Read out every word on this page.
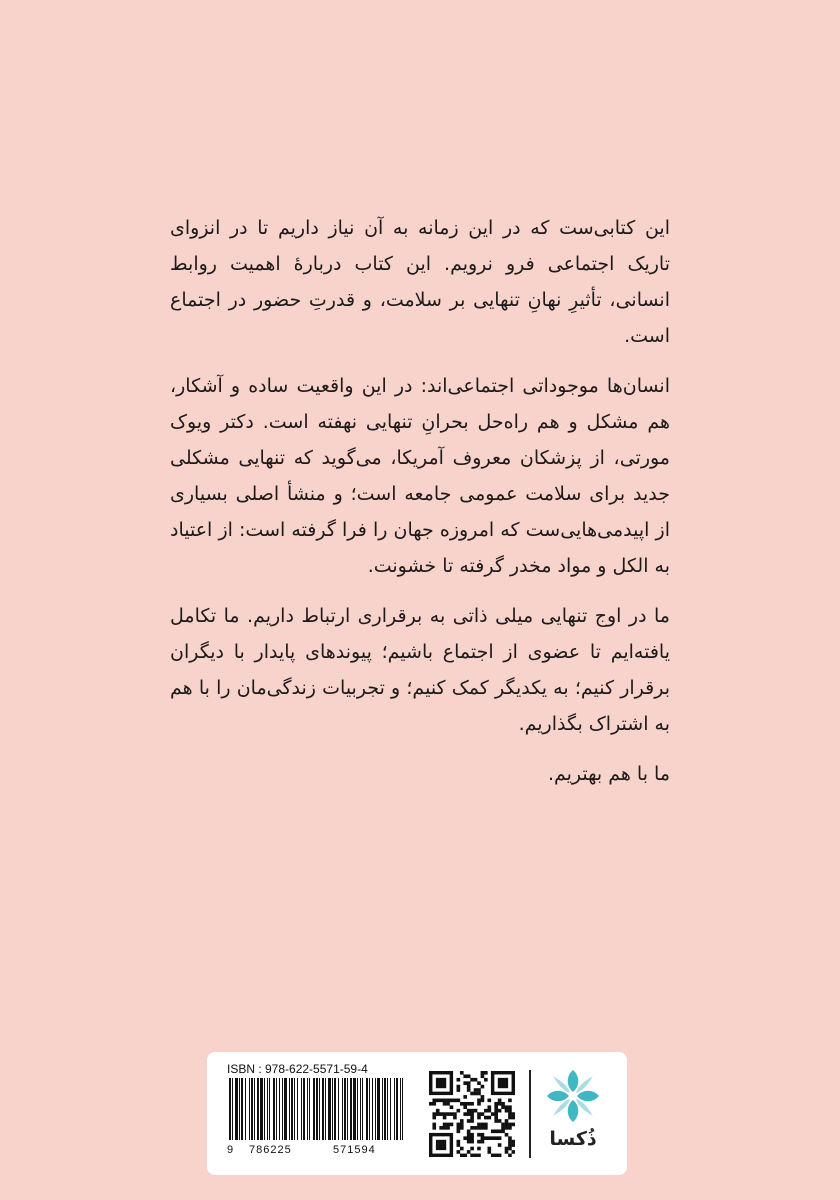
این کتابی‌ست که در این زمانه به آن نیاز داریم تا در انزوای تاریک اجتماعی فرو نرویم. این کتاب دربارهٔ اهمیت روابط انسانی، تأثیرِ نهانِ تنهایی بر سلامت، و قدرتِ حضور در اجتماع است.

انسان‌ها موجوداتی اجتماعی‌اند: در این واقعیت ساده و آشکار، هم مشکل و هم راه‌حل بحرانِ تنهایی نهفته است. دکتر ویوک مورتی، از پزشکان معروف آمریکا، می‌گوید که تنهایی مشکلی جدید برای سلامت عمومی جامعه است؛ و منشأ اصلی بسیاری از اپیدمی‌هایی‌ست که امروزه جهان را فرا گرفته است: از اعتیاد به الکل و مواد مخدر گرفته تا خشونت.

ما در اوج تنهایی میلی ذاتی به برقراری ارتباط داریم. ما تکامل یافته‌ایم تا عضوی از اجتماع باشیم؛ پیوندهای پایدار با دیگران برقرار کنیم؛ به یکدیگر کمک کنیم؛ و تجربیات زندگی‌مان را با هم به اشتراک بگذاریم.

ما با هم بهتریم.

ISBN : 978-622-5571-59-4
9 786225	571594	ذُکسا
